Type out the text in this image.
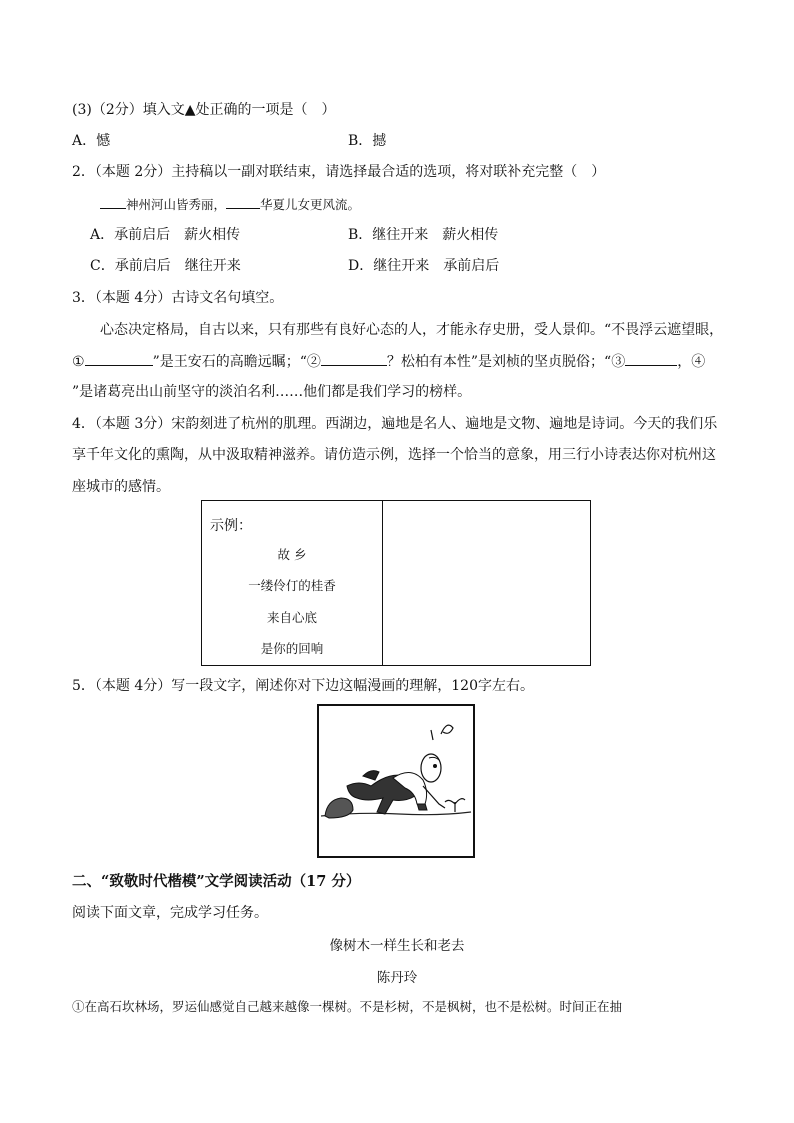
(3)（2分）填入文▲处正确的一项是（　）
A．憾	B．撼
2．（本题 2分）主持稿以一副对联结束，请选择最合适的选项，将对联补充完整（　）
神州河山皆秀丽，	华夏儿女更风流。
A．承前启后　薪火相传	B．继往开来　薪火相传
C．承前启后　继往开来	D．继往开来　承前启后
3．（本题 4分）古诗文名句填空。
心态决定格局，自古以来，只有那些有良好心态的人，才能永存史册，受人景仰。“不畏浮云遮望眼，
①	”是王安石的高瞻远瞩；“②	？松柏有本性”是刘桢的坚贞脱俗；“③	，④
”是诸葛亮出山前坚守的淡泊名利……他们都是我们学习的榜样。
4．（本题 3分）宋韵刻进了杭州的肌理。西湖边，遍地是名人、遍地是文物、遍地是诗词。今天的我们乐
享千年文化的熏陶，从中汲取精神滋养。请仿造示例，选择一个恰当的意象，用三行小诗表达你对杭州这
座城市的感情。
示例：
故 乡
一缕伶仃的桂香
来自心底
是你的回响
5．（本题 4分）写一段文字，阐述你对下边这幅漫画的理解，120字左右。
二、“致敬时代楷模”文学阅读活动（17 分）
阅读下面文章，完成学习任务。
像树木一样生长和老去
陈丹玲
①在高石坎林场，罗运仙感觉自己越来越像一棵树。不是杉树，不是枫树，也不是松树。时间正在抽
